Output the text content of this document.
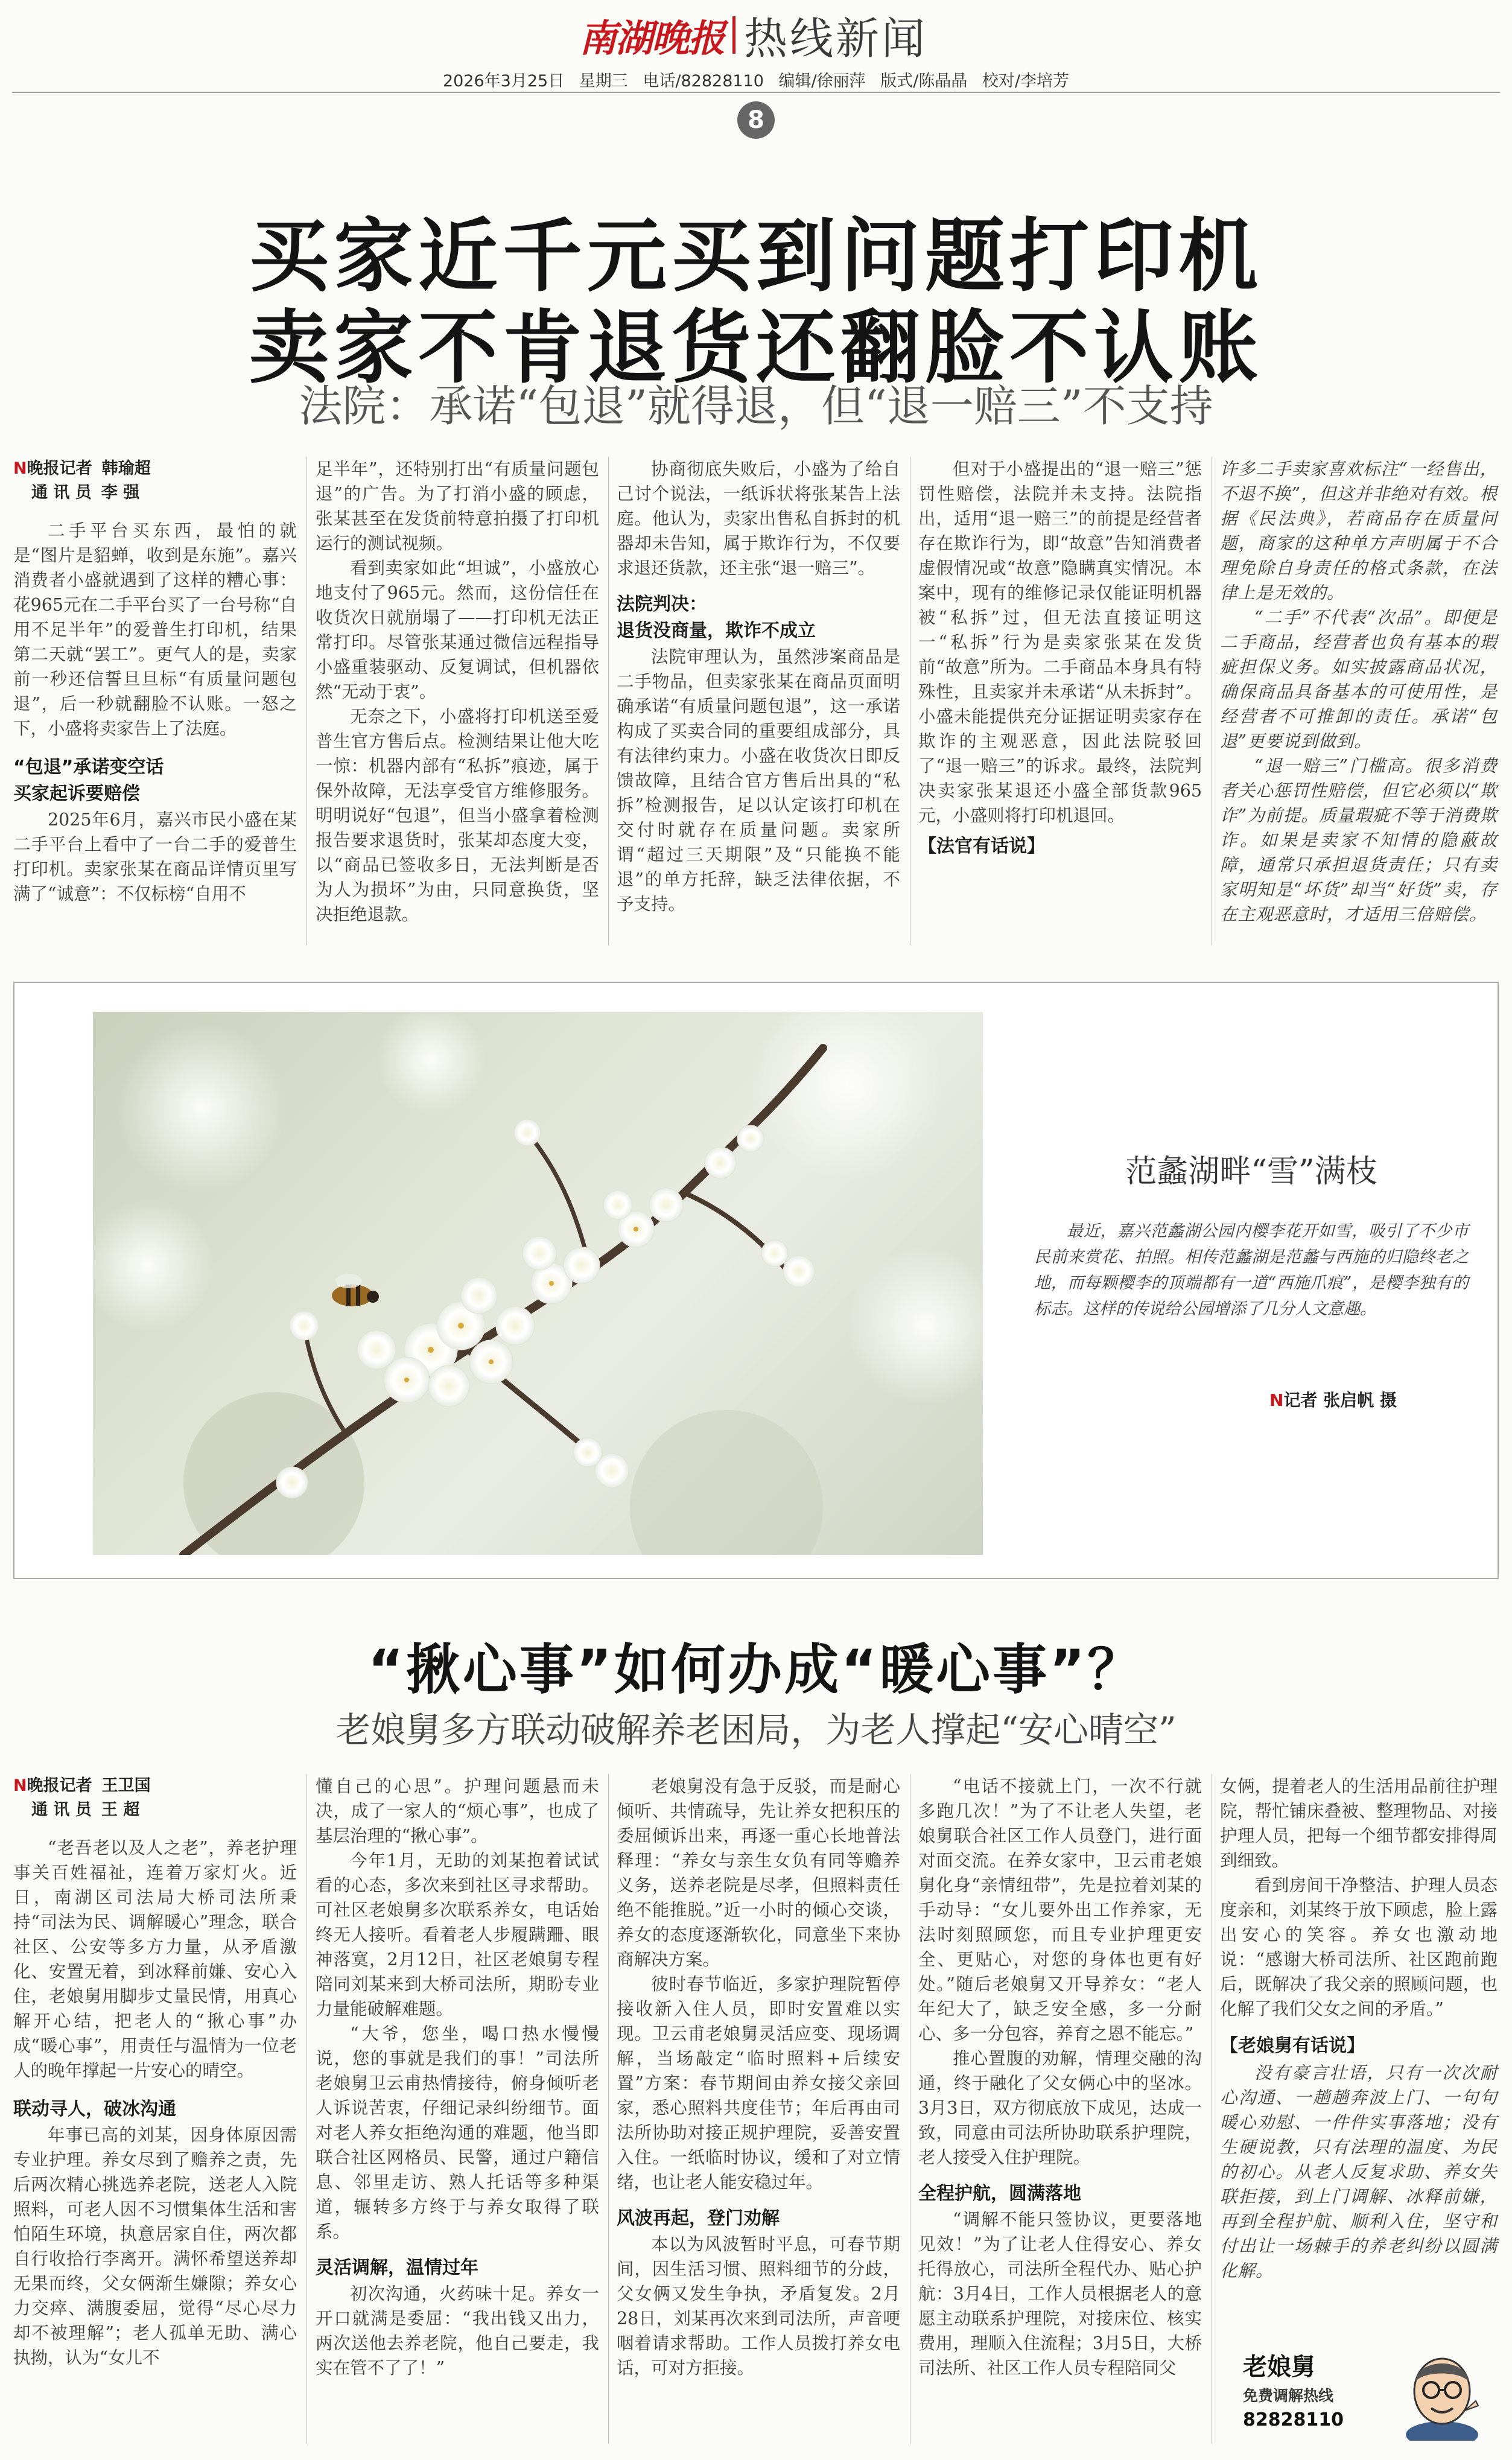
南湖晚报 热线新闻
2026年3月25日 星期三 电话/82828110 编辑/徐丽萍 版式/陈晶晶 校对/李培芳
8
买家近千元买到问题打印机
卖家不肯退货还翻脸不认账
法院：承诺“包退”就得退，但“退一赔三”不支持
N晚报记者 韩瑜超
通 讯 员 李 强

二手平台买东西，最怕的就是“图片是貂蝉，收到是东施”。嘉兴消费者小盛就遇到了这样的糟心事：花965元在二手平台买了一台号称“自用不足半年”的爱普生打印机，结果第二天就“罢工”。更气人的是，卖家前一秒还信誓旦旦标“有质量问题包退”，后一秒就翻脸不认账。一怒之下，小盛将卖家告上了法庭。

“包退”承诺变空话

买家起诉要赔偿

2025年6月，嘉兴市民小盛在某二手平台上看中了一台二手的爱普生打印机。卖家张某在商品详情页里写满了“诚意”：不仅标榜“自用不

足半年”，还特别打出“有质量问题包退”的广告。为了打消小盛的顾虑，张某甚至在发货前特意拍摄了打印机运行的测试视频。

看到卖家如此“坦诚”，小盛放心地支付了965元。然而，这份信任在收货次日就崩塌了——打印机无法正常打印。尽管张某通过微信远程指导小盛重装驱动、反复调试，但机器依然“无动于衷”。

无奈之下，小盛将打印机送至爱普生官方售后点。检测结果让他大吃一惊：机器内部有“私拆”痕迹，属于保外故障，无法享受官方维修服务。明明说好“包退”，但当小盛拿着检测报告要求退货时，张某却态度大变，以“商品已签收多日，无法判断是否为人为损坏”为由，只同意换货，坚决拒绝退款。

协商彻底失败后，小盛为了给自己讨个说法，一纸诉状将张某告上法庭。他认为，卖家出售私自拆封的机器却未告知，属于欺诈行为，不仅要求退还货款，还主张“退一赔三”。

法院判决：

退货没商量，欺诈不成立

法院审理认为，虽然涉案商品是二手物品，但卖家张某在商品页面明确承诺“有质量问题包退”，这一承诺构成了买卖合同的重要组成部分，具有法律约束力。小盛在收货次日即反馈故障，且结合官方售后出具的“私拆”检测报告，足以认定该打印机在交付时就存在质量问题。卖家所谓“超过三天期限”及“只能换不能退”的单方托辞，缺乏法律依据，不予支持。

但对于小盛提出的“退一赔三”惩罚性赔偿，法院并未支持。法院指出，适用“退一赔三”的前提是经营者存在欺诈行为，即“故意”告知消费者虚假情况或“故意”隐瞒真实情况。本案中，现有的维修记录仅能证明机器被“私拆”过，但无法直接证明这一“私拆”行为是卖家张某在发货前“故意”所为。二手商品本身具有特殊性，且卖家并未承诺“从未拆封”。小盛未能提供充分证据证明卖家存在欺诈的主观恶意，因此法院驳回了“退一赔三”的诉求。最终，法院判决卖家张某退还小盛全部货款965元，小盛则将打印机退回。

【法官有话说】

许多二手卖家喜欢标注“一经售出，不退不换”，但这并非绝对有效。根据《民法典》，若商品存在质量问题，商家的这种单方声明属于不合理免除自身责任的格式条款，在法律上是无效的。

“二手”不代表“次品”。即便是二手商品，经营者也负有基本的瑕疵担保义务。如实披露商品状况，确保商品具备基本的可使用性，是经营者不可推卸的责任。承诺“包退”更要说到做到。

“退一赔三”门槛高。很多消费者关心惩罚性赔偿，但它必须以“欺诈”为前提。质量瑕疵不等于消费欺诈。如果是卖家不知情的隐蔽故障，通常只承担退货责任；只有卖家明知是“坏货”却当“好货”卖，存在主观恶意时，才适用三倍赔偿。

范蠡湖畔“雪”满枝
最近，嘉兴范蠡湖公园内樱李花开如雪，吸引了不少市民前来赏花、拍照。相传范蠡湖是范蠡与西施的归隐终老之地，而每颗樱李的顶端都有一道“西施爪痕”，是樱李独有的标志。这样的传说给公园增添了几分人文意趣。
N记者 张启帆 摄
“揪心事”如何办成“暖心事”？
老娘舅多方联动破解养老困局，为老人撑起“安心晴空”
N晚报记者 王卫国
通 讯 员 王 超

“老吾老以及人之老”，养老护理事关百姓福祉，连着万家灯火。近日，南湖区司法局大桥司法所秉持“司法为民、调解暖心”理念，联合社区、公安等多方力量，从矛盾激化、安置无着，到冰释前嫌、安心入住，老娘舅用脚步丈量民情，用真心解开心结，把老人的“揪心事”办成“暖心事”，用责任与温情为一位老人的晚年撑起一片安心的晴空。

联动寻人，破冰沟通

年事已高的刘某，因身体原因需专业护理。养女尽到了赡养之责，先后两次精心挑选养老院，送老人入院照料，可老人因不习惯集体生活和害怕陌生环境，执意居家自住，两次都自行收拾行李离开。满怀希望送养却无果而终，父女俩渐生嫌隙；养女心力交瘁、满腹委屈，觉得“尽心尽力却不被理解”；老人孤单无助、满心执拗，认为“女儿不

懂自己的心思”。护理问题悬而未决，成了一家人的“烦心事”，也成了基层治理的“揪心事”。

今年1月，无助的刘某抱着试试看的心态，多次来到社区寻求帮助。可社区老娘舅多次联系养女，电话始终无人接听。看着老人步履蹒跚、眼神落寞，2月12日，社区老娘舅专程陪同刘某来到大桥司法所，期盼专业力量能破解难题。

“大爷，您坐，喝口热水慢慢说，您的事就是我们的事！”司法所老娘舅卫云甫热情接待，俯身倾听老人诉说苦衷，仔细记录纠纷细节。面对老人养女拒绝沟通的难题，他当即联合社区网格员、民警，通过户籍信息、邻里走访、熟人托话等多种渠道，辗转多方终于与养女取得了联系。

灵活调解，温情过年

初次沟通，火药味十足。养女一开口就满是委屈：“我出钱又出力，两次送他去养老院，他自己要走，我实在管不了了！”

老娘舅没有急于反驳，而是耐心倾听、共情疏导，先让养女把积压的委屈倾诉出来，再逐一重心长地普法释理：“养女与亲生女负有同等赡养义务，送养老院是尽孝，但照料责任绝不能推脱。”近一小时的倾心交谈，养女的态度逐渐软化，同意坐下来协商解决方案。

彼时春节临近，多家护理院暂停接收新入住人员，即时安置难以实现。卫云甫老娘舅灵活应变、现场调解，当场敲定“临时照料+后续安置”方案：春节期间由养女接父亲回家，悉心照料共度佳节；年后再由司法所协助对接正规护理院，妥善安置入住。一纸临时协议，缓和了对立情绪，也让老人能安稳过年。

风波再起，登门劝解

本以为风波暂时平息，可春节期间，因生活习惯、照料细节的分歧，父女俩又发生争执，矛盾复发。2月28日，刘某再次来到司法所，声音哽咽着请求帮助。工作人员拨打养女电话，可对方拒接。

“电话不接就上门，一次不行就多跑几次！”为了不让老人失望，老娘舅联合社区工作人员登门，进行面对面交流。在养女家中，卫云甫老娘舅化身“亲情纽带”，先是拉着刘某的手动导：“女儿要外出工作养家，无法时刻照顾您，而且专业护理更安全、更贴心，对您的身体也更有好处。”随后老娘舅又开导养女：“老人年纪大了，缺乏安全感，多一分耐心、多一分包容，养育之恩不能忘。”

推心置腹的劝解，情理交融的沟通，终于融化了父女俩心中的坚冰。3月3日，双方彻底放下成见，达成一致，同意由司法所协助联系护理院，老人接受入住护理院。

全程护航，圆满落地

“调解不能只签协议，更要落地见效！”为了让老人住得安心、养女托得放心，司法所全程代办、贴心护航：3月4日，工作人员根据老人的意愿主动联系护理院，对接床位、核实费用，理顺入住流程；3月5日，大桥司法所、社区工作人员专程陪同父

女俩，提着老人的生活用品前往护理院，帮忙铺床叠被、整理物品、对接护理人员，把每一个细节都安排得周到细致。

看到房间干净整洁、护理人员态度亲和，刘某终于放下顾虑，脸上露出安心的笑容。养女也激动地说：“感谢大桥司法所、社区跑前跑后，既解决了我父亲的照顾问题，也化解了我们父女之间的矛盾。”

【老娘舅有话说】

没有豪言壮语，只有一次次耐心沟通、一趟趟奔波上门、一句句暖心劝慰、一件件实事落地；没有生硬说教，只有法理的温度、为民的初心。从老人反复求助、养女失联拒接，到上门调解、冰释前嫌，再到全程护航、顺利入住，坚守和付出让一场棘手的养老纠纷以圆满化解。

老娘舅
免费调解热线
82828110
